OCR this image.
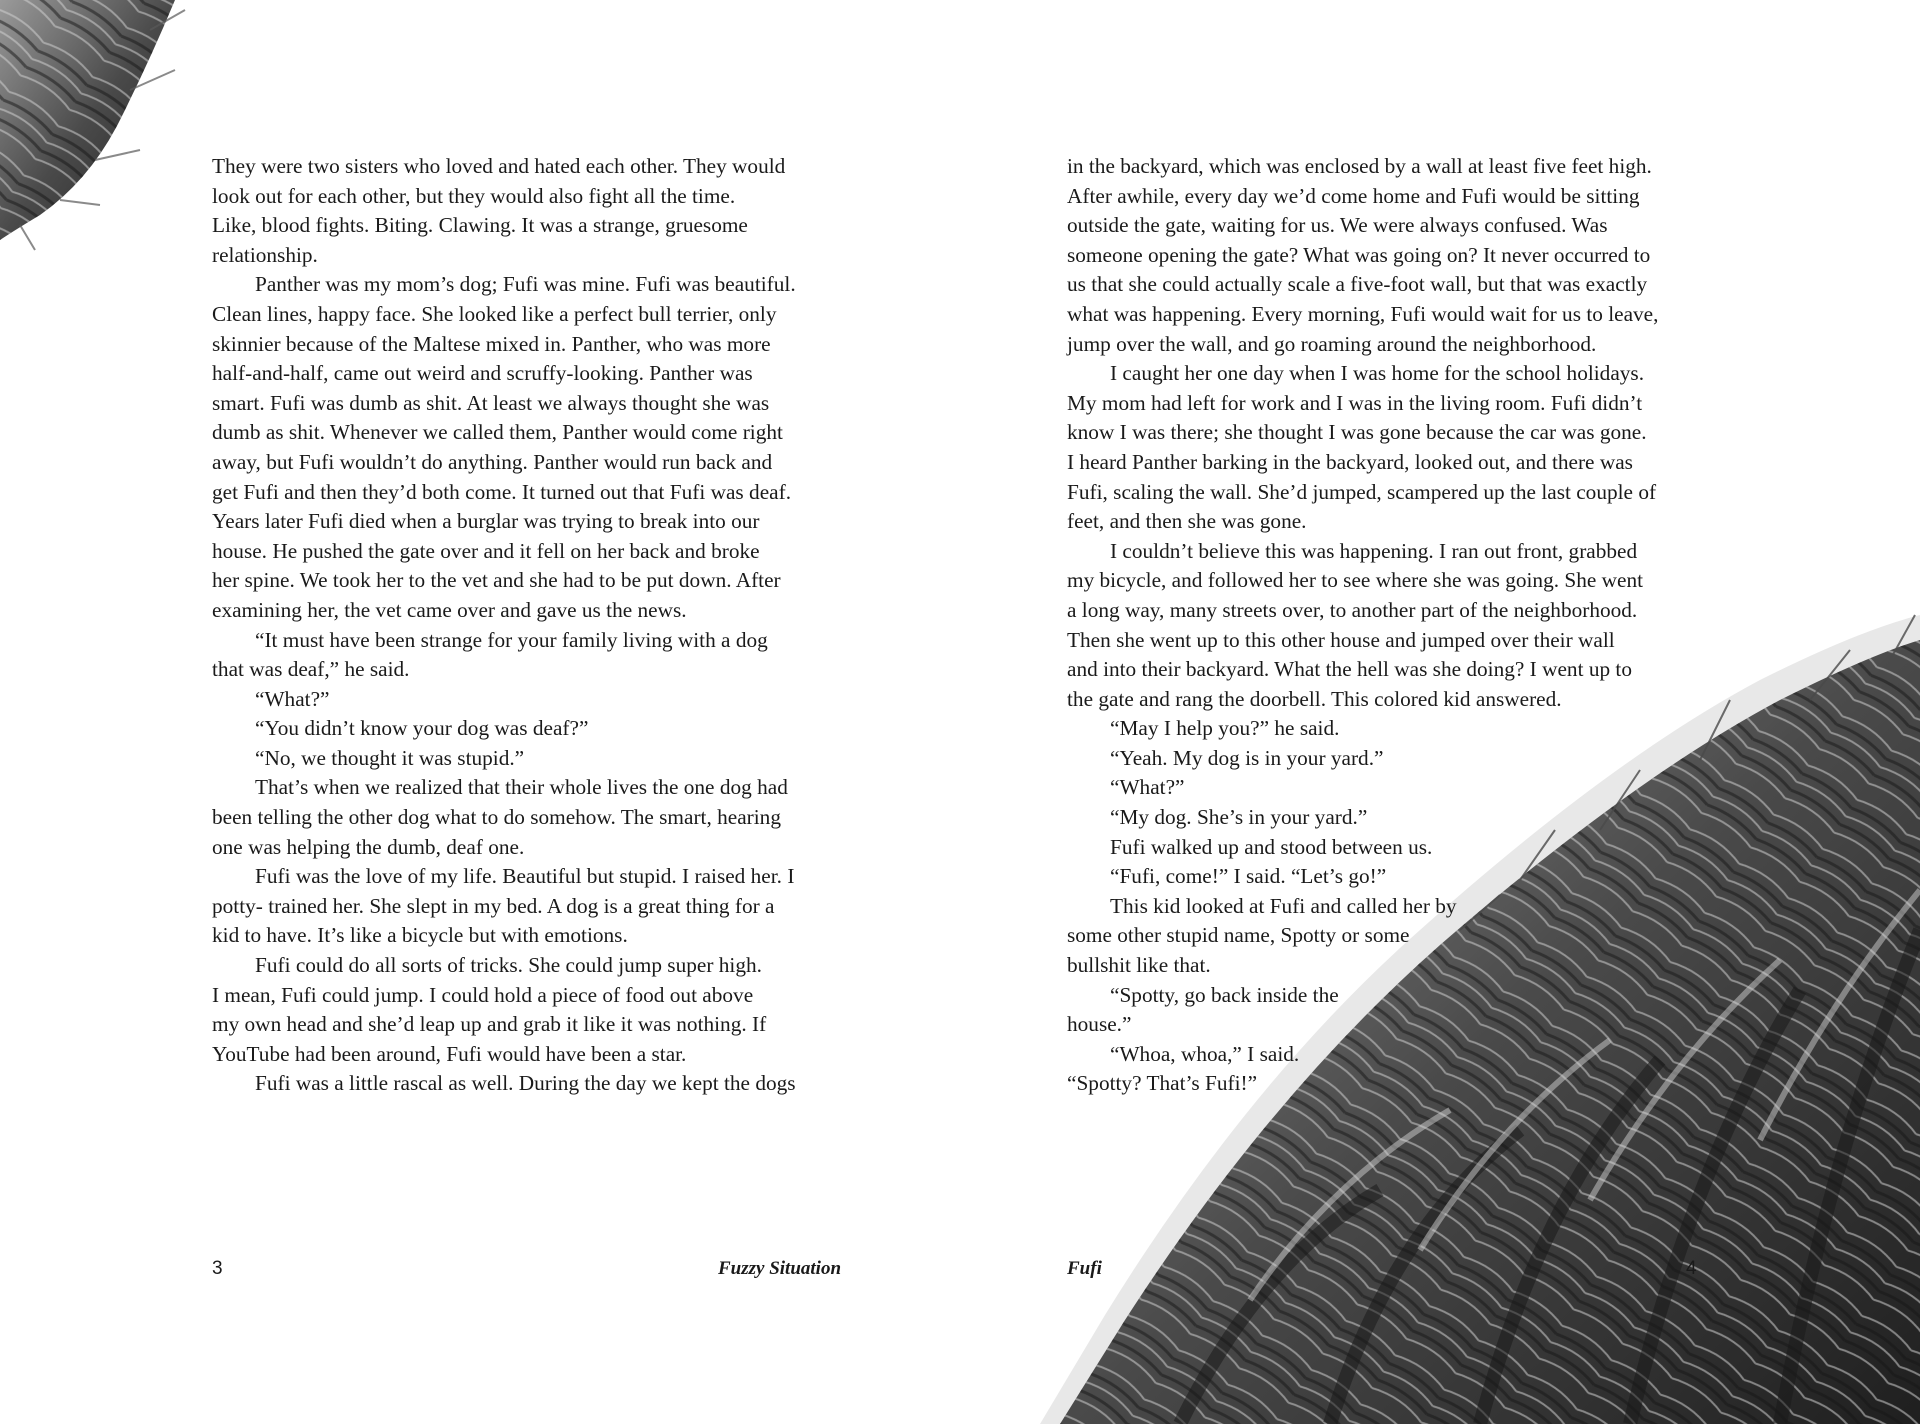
They were two sisters who loved and hated each other. They would
look out for each other, but they would also fight all the time.
Like, blood fights. Biting. Clawing. It was a strange, gruesome
relationship.
Panther was my mom’s dog; Fufi was mine. Fufi was beautiful.
Clean lines, happy face. She looked like a perfect bull terrier, only
skinnier because of the Maltese mixed in. Panther, who was more
half-and-half, came out weird and scruffy-looking. Panther was
smart. Fufi was dumb as shit. At least we always thought she was
dumb as shit. Whenever we called them, Panther would come right
away, but Fufi wouldn’t do anything. Panther would run back and
get Fufi and then they’d both come. It turned out that Fufi was deaf.
Years later Fufi died when a burglar was trying to break into our
house. He pushed the gate over and it fell on her back and broke
her spine. We took her to the vet and she had to be put down. After
examining her, the vet came over and gave us the news.
“It must have been strange for your family living with a dog
that was deaf,” he said.
“What?”
“You didn’t know your dog was deaf?”
“No, we thought it was stupid.”
That’s when we realized that their whole lives the one dog had
been telling the other dog what to do somehow. The smart, hearing
one was helping the dumb, deaf one.
Fufi was the love of my life. Beautiful but stupid. I raised her. I
potty- trained her. She slept in my bed. A dog is a great thing for a
kid to have. It’s like a bicycle but with emotions.
Fufi could do all sorts of tricks. She could jump super high.
I mean, Fufi could jump. I could hold a piece of food out above
my own head and she’d leap up and grab it like it was nothing. If
YouTube had been around, Fufi would have been a star.
Fufi was a little rascal as well. During the day we kept the dogs
in the backyard, which was enclosed by a wall at least five feet high.
After awhile, every day we’d come home and Fufi would be sitting
outside the gate, waiting for us. We were always confused. Was
someone opening the gate? What was going on? It never occurred to
us that she could actually scale a five-foot wall, but that was exactly
what was happening. Every morning, Fufi would wait for us to leave,
jump over the wall, and go roaming around the neighborhood.
I caught her one day when I was home for the school holidays.
My mom had left for work and I was in the living room. Fufi didn’t
know I was there; she thought I was gone because the car was gone.
I heard Panther barking in the backyard, looked out, and there was
Fufi, scaling the wall. She’d jumped, scampered up the last couple of
feet, and then she was gone.
I couldn’t believe this was happening. I ran out front, grabbed
my bicycle, and followed her to see where she was going. She went
a long way, many streets over, to another part of the neighborhood.
Then she went up to this other house and jumped over their wall
and into their backyard. What the hell was she doing? I went up to
the gate and rang the doorbell. This colored kid answered.
“May I help you?” he said.
“Yeah. My dog is in your yard.”
“What?”
“My dog. She’s in your yard.”
Fufi walked up and stood between us.
“Fufi, come!” I said. “Let’s go!”
This kid looked at Fufi and called her by
some other stupid name, Spotty or some
bullshit like that.
“Spotty, go back inside the
house.”
“Whoa, whoa,” I said.
“Spotty? That’s Fufi!”
3	Fuzzy Situation	Fufi	4
